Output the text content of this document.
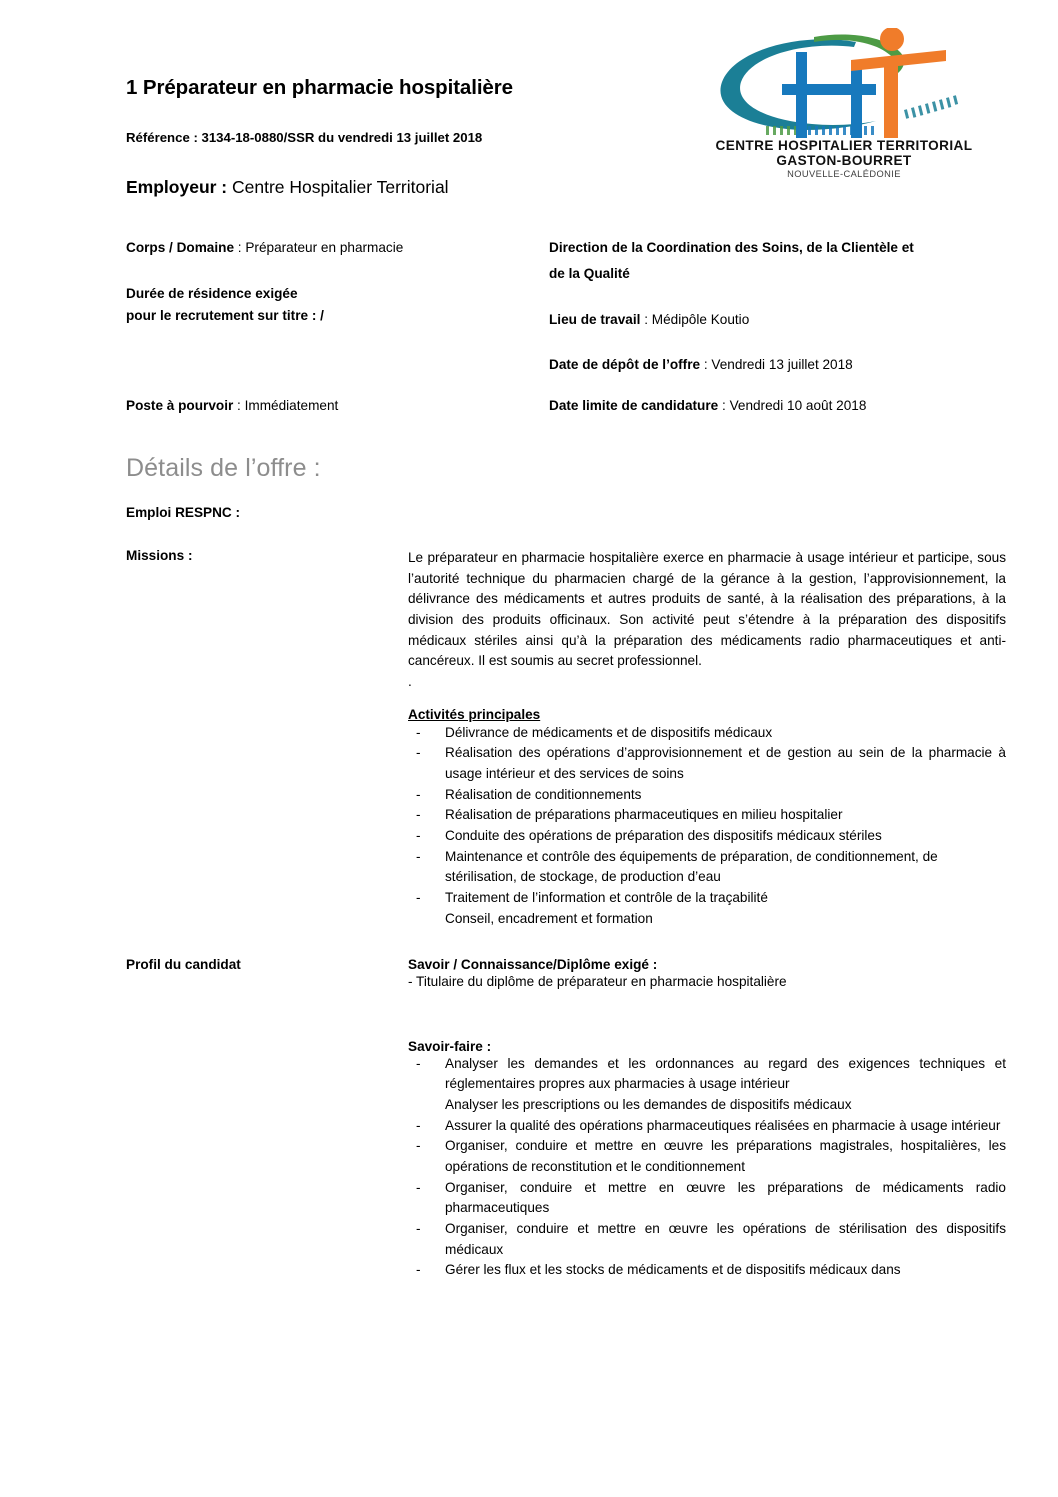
1 Préparateur en pharmacie hospitalière
Référence : 3134-18-0880/SSR du vendredi 13 juillet 2018
Employeur : Centre Hospitalier Territorial
Corps / Domaine : Préparateur en pharmacie
Durée de résidence exigée
pour le recrutement sur titre : /
Poste à pourvoir : Immédiatement
Direction de la Coordination des Soins, de la Clientèle et
de la Qualité
Lieu de travail : Médipôle Koutio
Date de dépôt de l’offre : Vendredi 13 juillet 2018
Date limite de candidature : Vendredi 10 août 2018
Détails de l’offre :
Emploi RESPNC :
Missions :	Le préparateur en pharmacie hospitalière exerce en pharmacie à usage intérieur et participe, sous l’autorité technique du pharmacien chargé de la gérance à la gestion, l’approvisionnement, la délivrance des médicaments et autres produits de santé, à la réalisation des préparations, à la division des produits officinaux. Son activité peut s’étendre à la préparation des dispositifs médicaux stériles ainsi qu’à la préparation des médicaments radio pharmaceutiques et anti-cancéreux. Il est soumis au secret professionnel.
.
Activités principales
- Délivrance de médicaments et de dispositifs médicaux
- Réalisation des opérations d’approvisionnement et de gestion au sein de la pharmacie à usage intérieur et des services de soins
- Réalisation de conditionnements
- Réalisation de préparations pharmaceutiques en milieu hospitalier
- Conduite des opérations de préparation des dispositifs médicaux stériles
- Maintenance et contrôle des équipements de préparation, de conditionnement, de stérilisation, de stockage, de production d’eau
- Traitement de l’information et contrôle de la traçabilité
Conseil, encadrement et formation
Profil du candidat	Savoir / Connaissance/Diplôme exigé :
- Titulaire du diplôme de préparateur en pharmacie hospitalière
Savoir-faire :
- Analyser les demandes et les ordonnances au regard des exigences techniques et réglementaires propres aux pharmacies à usage intérieur
Analyser les prescriptions ou les demandes de dispositifs médicaux
- Assurer la qualité des opérations pharmaceutiques réalisées en pharmacie à usage intérieur
- Organiser, conduire et mettre en œuvre les préparations magistrales, hospitalières, les opérations de reconstitution et le conditionnement
- Organiser, conduire et mettre en œuvre les préparations de médicaments radio pharmaceutiques
- Organiser, conduire et mettre en œuvre les opérations de stérilisation des dispositifs médicaux
- Gérer les flux et les stocks de médicaments et de dispositifs médicaux dans
CENTRE HOSPITALIER TERRITORIAL
GASTON-BOURRET
NOUVELLE-CALÉDONIE
